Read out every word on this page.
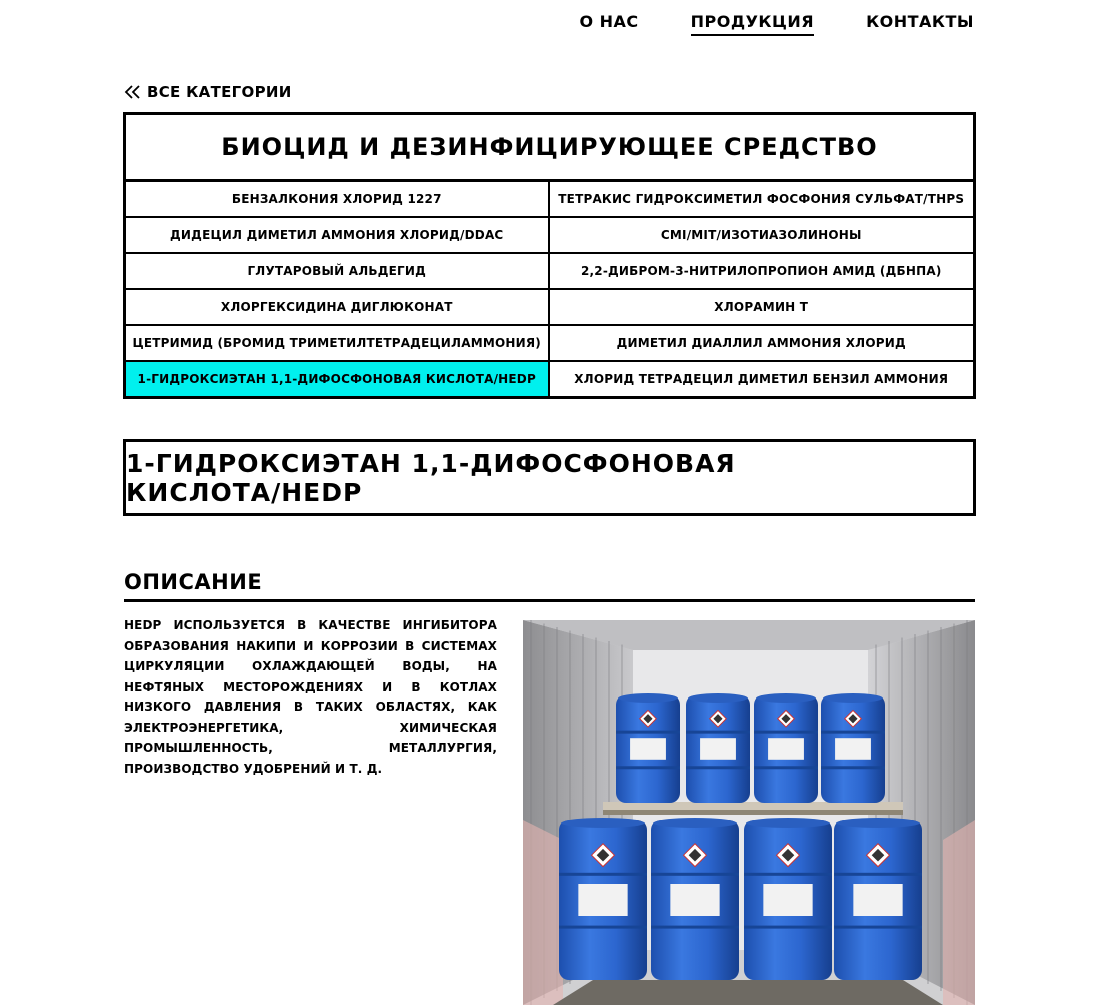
О НАС	ПРОДУКЦИЯ	КОНТАКТЫ
ВСЕ КАТЕГОРИИ
БИОЦИД И ДЕЗИНФИЦИРУЮЩЕЕ СРЕДСТВО
БЕНЗАЛКОНИЯ ХЛОРИД 1227	ТЕТРАКИС ГИДРОКСИМЕТИЛ ФОСФОНИЯ СУЛЬФАТ/THPS
ДИДЕЦИЛ ДИМЕТИЛ АММОНИЯ ХЛОРИД/DDAC	CMI/MIT/ИЗОТИАЗОЛИНОНЫ
ГЛУТАРОВЫЙ АЛЬДЕГИД	2,2-ДИБРОМ-3-НИТРИЛОПРОПИОН АМИД (ДБНПА)
ХЛОРГЕКСИДИНА ДИГЛЮКОНАТ	ХЛОРАМИН Т
ЦЕТРИМИД (БРОМИД ТРИМЕТИЛТЕТРАДЕЦИЛАММОНИЯ)	ДИМЕТИЛ ДИАЛЛИЛ АММОНИЯ ХЛОРИД
1-ГИДРОКСИЭТАН 1,1-ДИФОСФОНОВАЯ КИСЛОТА/HEDP	ХЛОРИД ТЕТРАДЕЦИЛ ДИМЕТИЛ БЕНЗИЛ АММОНИЯ
1-ГИДРОКСИЭТАН 1,1-ДИФОСФОНОВАЯ КИСЛОТА/HEDP
ОПИСАНИЕ
HEDP ИСПОЛЬЗУЕТСЯ В КАЧЕСТВЕ ИНГИБИТОРА ОБРАЗОВАНИЯ НАКИПИ И КОРРОЗИИ В СИСТЕМАХ ЦИРКУЛЯЦИИ ОХЛАЖДАЮЩЕЙ ВОДЫ, НА НЕФТЯНЫХ МЕСТОРОЖДЕНИЯХ И В КОТЛАХ НИЗКОГО ДАВЛЕНИЯ В ТАКИХ ОБЛАСТЯХ, КАК ЭЛЕКТРОЭНЕРГЕТИКА, ХИМИЧЕСКАЯ ПРОМЫШЛЕННОСТЬ, МЕТАЛЛУРГИЯ, ПРОИЗВОДСТВО УДОБРЕНИЙ И Т. Д.
